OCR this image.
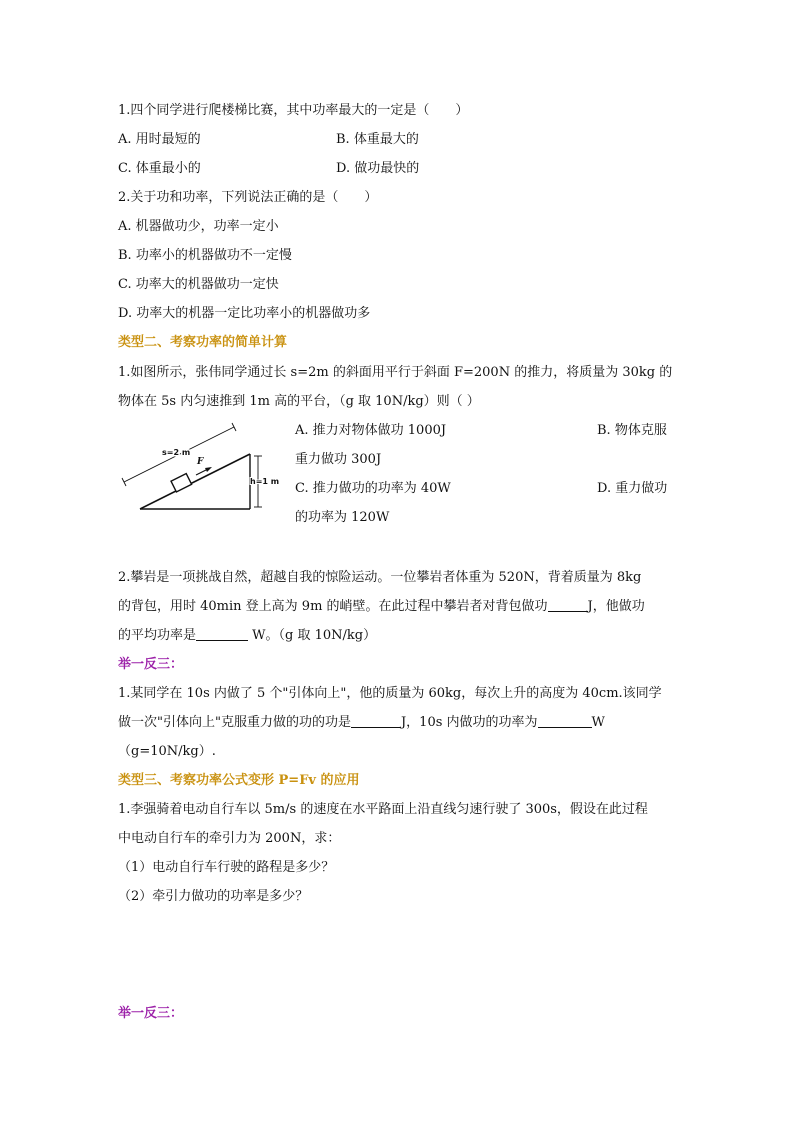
1.四个同学进行爬楼梯比赛，其中功率最大的一定是（　　）
A. 用时最短的	B. 体重最大的
C. 体重最小的	D. 做功最快的
2.关于功和功率，下列说法正确的是（　　）
A. 机器做功少，功率一定小
B. 功率小的机器做功不一定慢
C. 功率大的机器做功一定快
D. 功率大的机器一定比功率小的机器做功多
类型二、考察功率的简单计算
1.如图所示，张伟同学通过长 s=2m 的斜面用平行于斜面 F=200N 的推力，将质量为 30kg 的
物体在 5s 内匀速推到 1m 高的平台，（g 取 10N/kg）则（ ）
h=1 m
s=2 m
F
A. 推力对物体做功 1000J	B. 物体克服
重力做功 300J
C. 推力做功的功率为 40W	D. 重力做功
的功率为 120W
2.攀岩是一项挑战自然，超越自我的惊险运动。一位攀岩者体重为 520N，背着质量为 8kg
的背包，用时 40min 登上高为 9m 的峭壁。在此过程中攀岩者对背包做功	J，他做功
的平均功率是	W。（g 取 10N/kg）
举一反三：
1.某同学在 10s 内做了 5 个"引体向上"，他的质量为 60kg，每次上升的高度为 40cm.该同学
做一次"引体向上"克服重力做的功的功是	J，10s 内做功的功率为	W
（g=10N/kg）.
类型三、考察功率公式变形 P=Fv 的应用
1.李强骑着电动自行车以 5m/s 的速度在水平路面上沿直线匀速行驶了 300s，假设在此过程
中电动自行车的牵引力为 200N，求：
（1）电动自行车行驶的路程是多少？
（2）牵引力做功的功率是多少？
举一反三：
